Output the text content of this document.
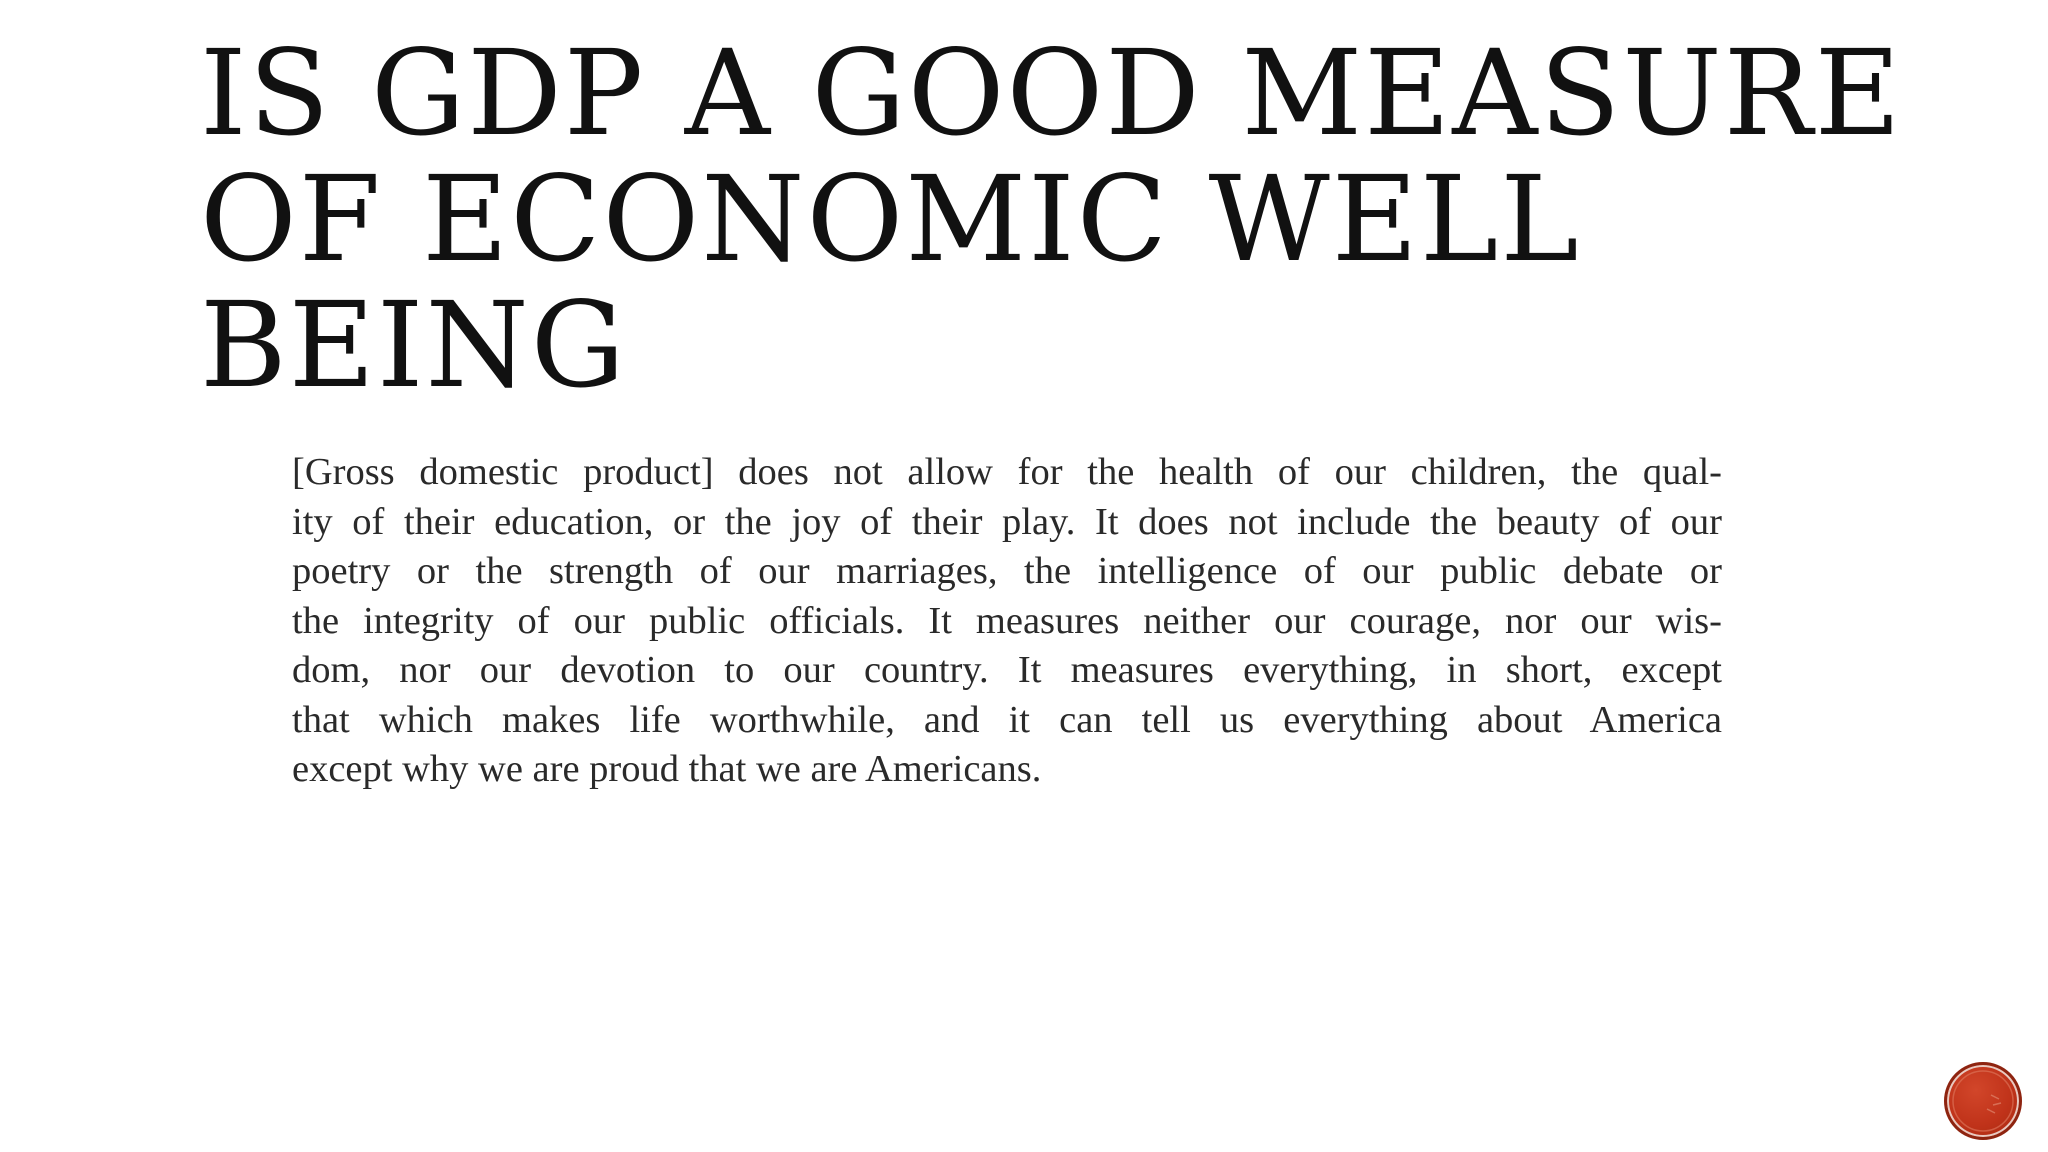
IS GDP A GOOD MEASURE
OF ECONOMIC WELL
BEING
[Gross domestic product] does not allow for the health of our children, the qual-
ity of their education, or the joy of their play. It does not include the beauty of our
poetry or the strength of our marriages, the intelligence of our public debate or
the integrity of our public officials. It measures neither our courage, nor our wis-
dom, nor our devotion to our country. It measures everything, in short, except
that which makes life worthwhile, and it can tell us everything about America
except why we are proud that we are Americans.
